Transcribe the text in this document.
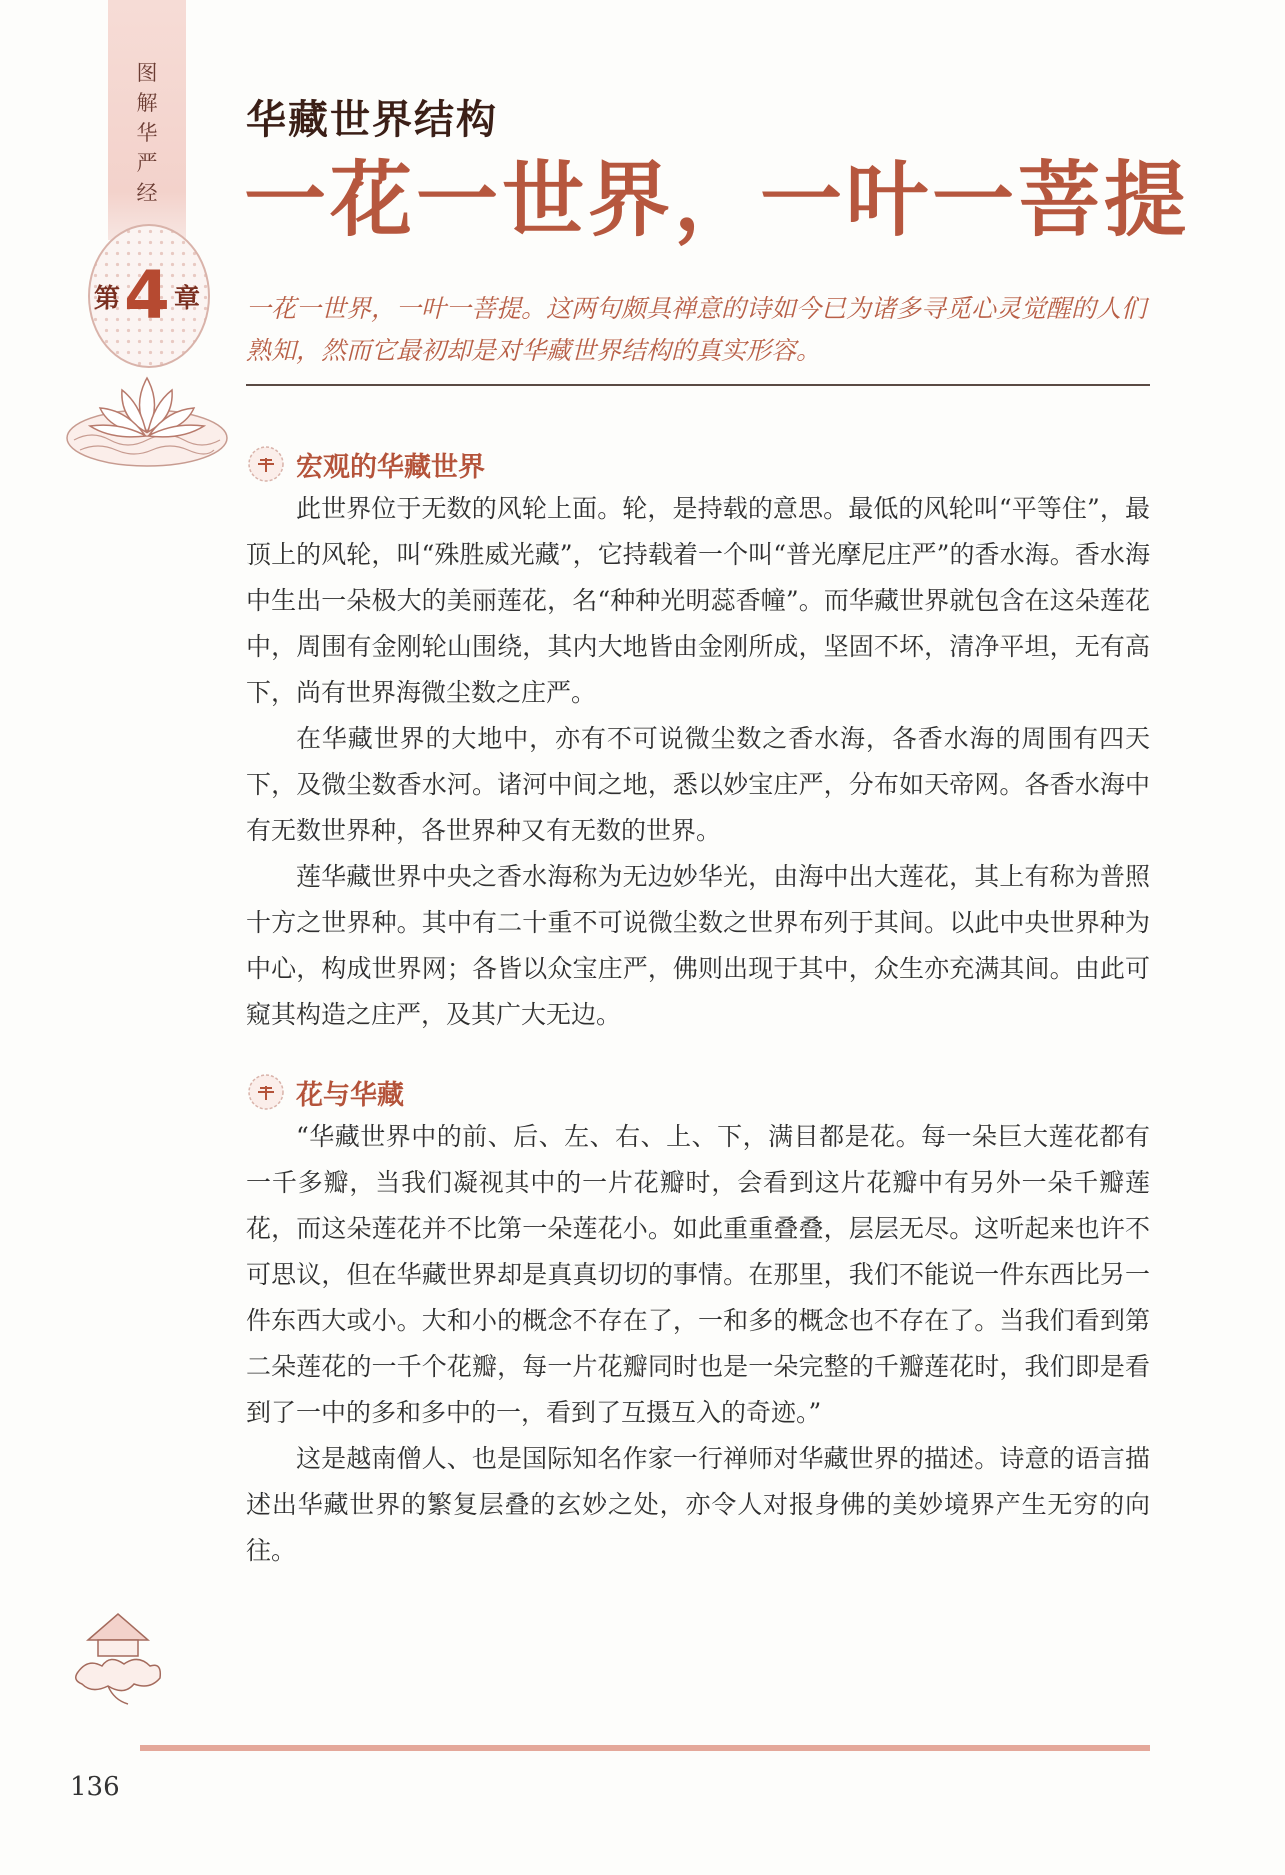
图解华严经
第 4 章
华藏世界结构
一花一世界，一叶一菩提
一花一世界，一叶一菩提。这两句颇具禅意的诗如今已为诸多寻觅心灵觉醒的人们熟知，然而它最初却是对华藏世界结构的真实形容。
宏观的华藏世界

此世界位于无数的风轮上面。轮，是持载的意思。最低的风轮叫“平等住”，最顶上的风轮，叫“殊胜威光藏”，它持载着一个叫“普光摩尼庄严”的香水海。香水海中生出一朵极大的美丽莲花，名“种种光明蕊香幢”。而华藏世界就包含在这朵莲花中，周围有金刚轮山围绕，其内大地皆由金刚所成，坚固不坏，清净平坦，无有高下，尚有世界海微尘数之庄严。

在华藏世界的大地中，亦有不可说微尘数之香水海，各香水海的周围有四天下，及微尘数香水河。诸河中间之地，悉以妙宝庄严，分布如天帝网。各香水海中有无数世界种，各世界种又有无数的世界。

莲华藏世界中央之香水海称为无边妙华光，由海中出大莲花，其上有称为普照十方之世界种。其中有二十重不可说微尘数之世界布列于其间。以此中央世界种为中心，构成世界网；各皆以众宝庄严，佛则出现于其中，众生亦充满其间。由此可窥其构造之庄严，及其广大无边。

花与华藏

“华藏世界中的前、后、左、右、上、下，满目都是花。每一朵巨大莲花都有一千多瓣，当我们凝视其中的一片花瓣时，会看到这片花瓣中有另外一朵千瓣莲花，而这朵莲花并不比第一朵莲花小。如此重重叠叠，层层无尽。这听起来也许不可思议，但在华藏世界却是真真切切的事情。在那里，我们不能说一件东西比另一件东西大或小。大和小的概念不存在了，一和多的概念也不存在了。当我们看到第二朵莲花的一千个花瓣，每一片花瓣同时也是一朵完整的千瓣莲花时，我们即是看到了一中的多和多中的一，看到了互摄互入的奇迹。”

这是越南僧人、也是国际知名作家一行禅师对华藏世界的描述。诗意的语言描述出华藏世界的繁复层叠的玄妙之处，亦令人对报身佛的美妙境界产生无穷的向往。

136
